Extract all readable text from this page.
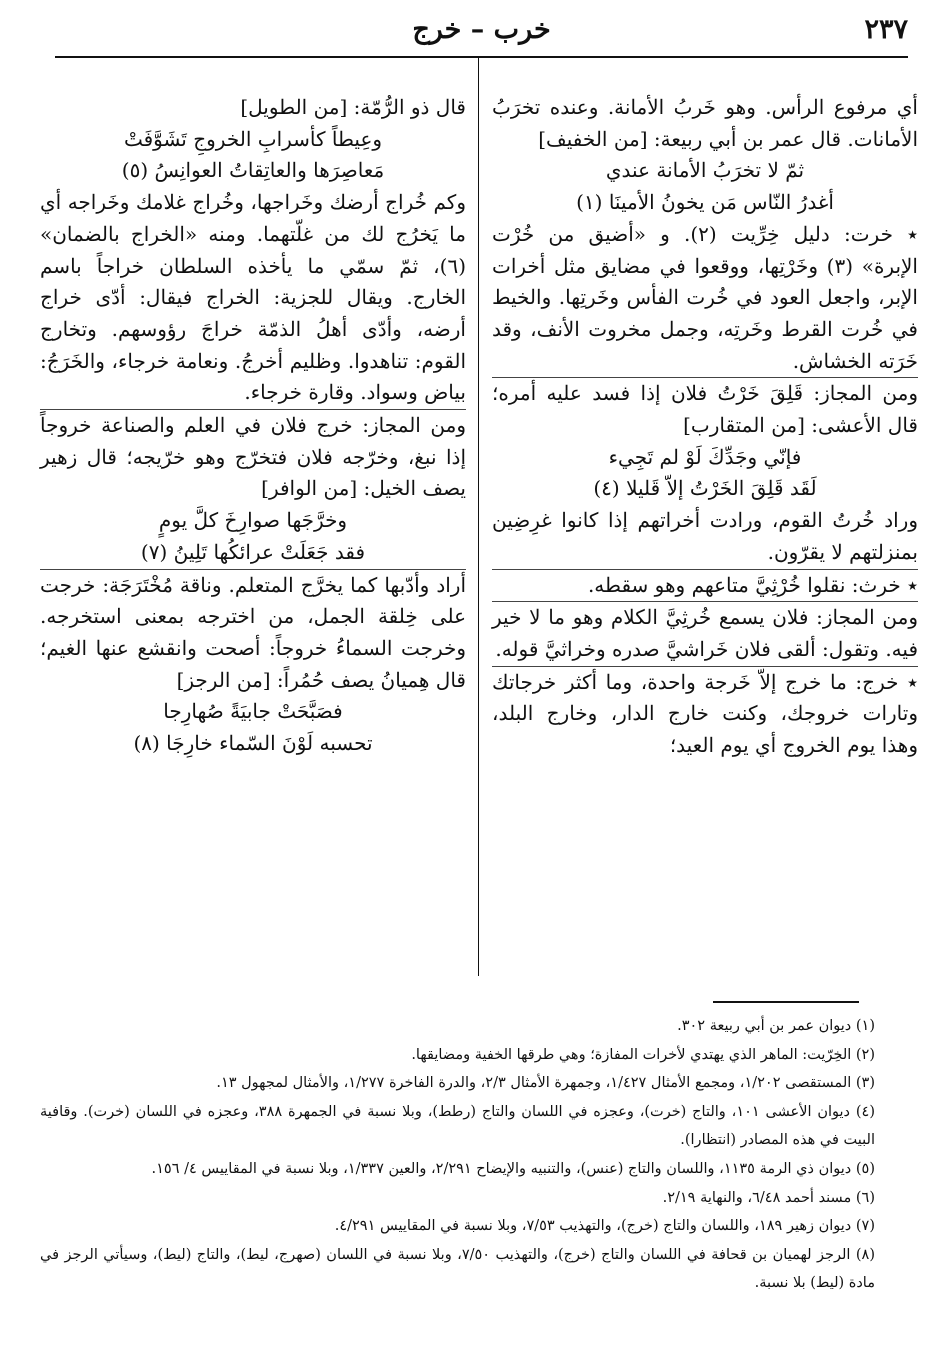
٢٣٧
خرب – خرج

أي مرفوع الرأس. وهو خَربُ الأمانة. وعنده تخرَبُ الأمانات. قال عمر بن أبي ربيعة: [من الخفيف]

ثمّ لا تخرَبُ الأمانة عندي

أغدرُ النّاس مَن يخونُ الأمينَا (١)

٭ خرت: دليل خِرِّيت (٢). و «أضيق من خُرْت الإبرة» (٣) وخَرْتِها، ووقعوا في مضايق مثل أخرات الإبر، واجعل العود في خُرت الفأس وخَرتِها. والخيط في خُرت القرط وخَرتِه، وجمل مخروت الأنف، وقد خَرَته الخشاش.

ومن المجاز: قَلِقَ خَرْتُ فلان إذا فسد عليه أمره؛ قال الأعشى: [من المتقارب]

فإنّي وجَدِّكَ لَوْ لم تَجِيء

لَقَد قَلِقَ الخَرْتُ إلاّ قَليلا (٤)

وراد خُرتُ القوم، ورادت أخراتهم إذا كانوا غرِضِين بمنزلتهم لا يقرّون.

٭ خرث: نقلوا خُرْثِيَّ متاعهم وهو سقطه.

ومن المجاز: فلان يسمع خُرثِيَّ الكلام وهو ما لا خير فيه. وتقول: ألقى فلان خَراشيَّ صدره وخراثيَّ قوله.

٭ خرج: ما خرج إلاّ خَرجة واحدة، وما أكثر خرجاتك وتارات خروجك، وكنت خارج الدار، وخارج البلد، وهذا يوم الخروج أي يوم العيد؛

قال ذو الرُّمّة: [من الطويل]

وعِيطاً كأسرابِ الخروجِ تَشَوَّفَتْ

مَعاصِرَها والعاتِقاتُ العوانِسُ (٥)

وكم خُراج أرضك وخَراجها، وخُراج غلامك وخَراجه أي ما يَخرُج لك من غلّتهما. ومنه «الخراج بالضمان» (٦)، ثمّ سمّي ما يأخذه السلطان خراجاً باسم الخارج. ويقال للجزية: الخراج فيقال: أدّى خراج أرضه، وأدّى أهلُ الذمّة خراجَ رؤوسهم. وتخارج القوم: تناهدوا. وظليم أخرجُ. ونعامة خرجاء، والخَرَجُ: بياض وسواد. وقارة خرجاء.

ومن المجاز: خرج فلان في العلم والصناعة خروجاً إذا نبغ، وخرّجه فلان فتخرّج وهو خرّيجه؛ قال زهير يصف الخيل: [من الوافر]

وخرَّجَها صوارِخَ كلَّ يومٍ

فقد جَعَلَتْ عرائكُها تَلِينُ (٧)

أراد وأدّبها كما يخرَّج المتعلم. وناقة مُخْتَرَجَة: خرجت على خِلقة الجمل، من اخترجه بمعنى استخرجه. وخرجت السماءُ خروجاً: أصحت وانقشع عنها الغيم؛ قال هِميانُ يصف حُمُراً: [من الرجز]

فصَبَّحَتْ جابيَةً صُهارِجا

تحسبه لَوْنَ السّماء خارِجَا (٨)

(١) ديوان عمر بن أبي ربيعة ٣٠٢.

(٢) الخِرّيت: الماهر الذي يهتدي لأخرات المفازة؛ وهي طرقها الخفية ومضايقها.

(٣) المستقصى ١/٢٠٢، ومجمع الأمثال ١/٤٢٧، وجمهرة الأمثال ٢/٣، والدرة الفاخرة ١/٢٧٧، والأمثال لمجهول ١٣.

(٤) ديوان الأعشى ١٠١، والتاج (خرت)، وعجزه في اللسان والتاج (رطط)، وبلا نسبة في الجمهرة ٣٨٨، وعجزه في اللسان (خرت). وقافية البيت في هذه المصادر (انتظارا).

(٥) ديوان ذي الرمة ١١٣٥، واللسان والتاج (عنس)، والتنبيه والإيضاح ٢/٢٩١، والعين ١/٣٣٧، وبلا نسبة في المقاييس ٤/ ١٥٦.

(٦) مسند أحمد ٦/٤٨، والنهاية ٢/١٩.

(٧) ديوان زهير ١٨٩، واللسان والتاج (خرج)، والتهذيب ٧/٥٣، وبلا نسبة في المقاييس ٤/٢٩١.

(٨) الرجز لهميان بن قحافة في اللسان والتاج (خرج)، والتهذيب ٧/٥٠، وبلا نسبة في اللسان (صهرج، ليط)، والتاج (ليط)، وسيأتي الرجز في مادة (ليط) بلا نسبة.
